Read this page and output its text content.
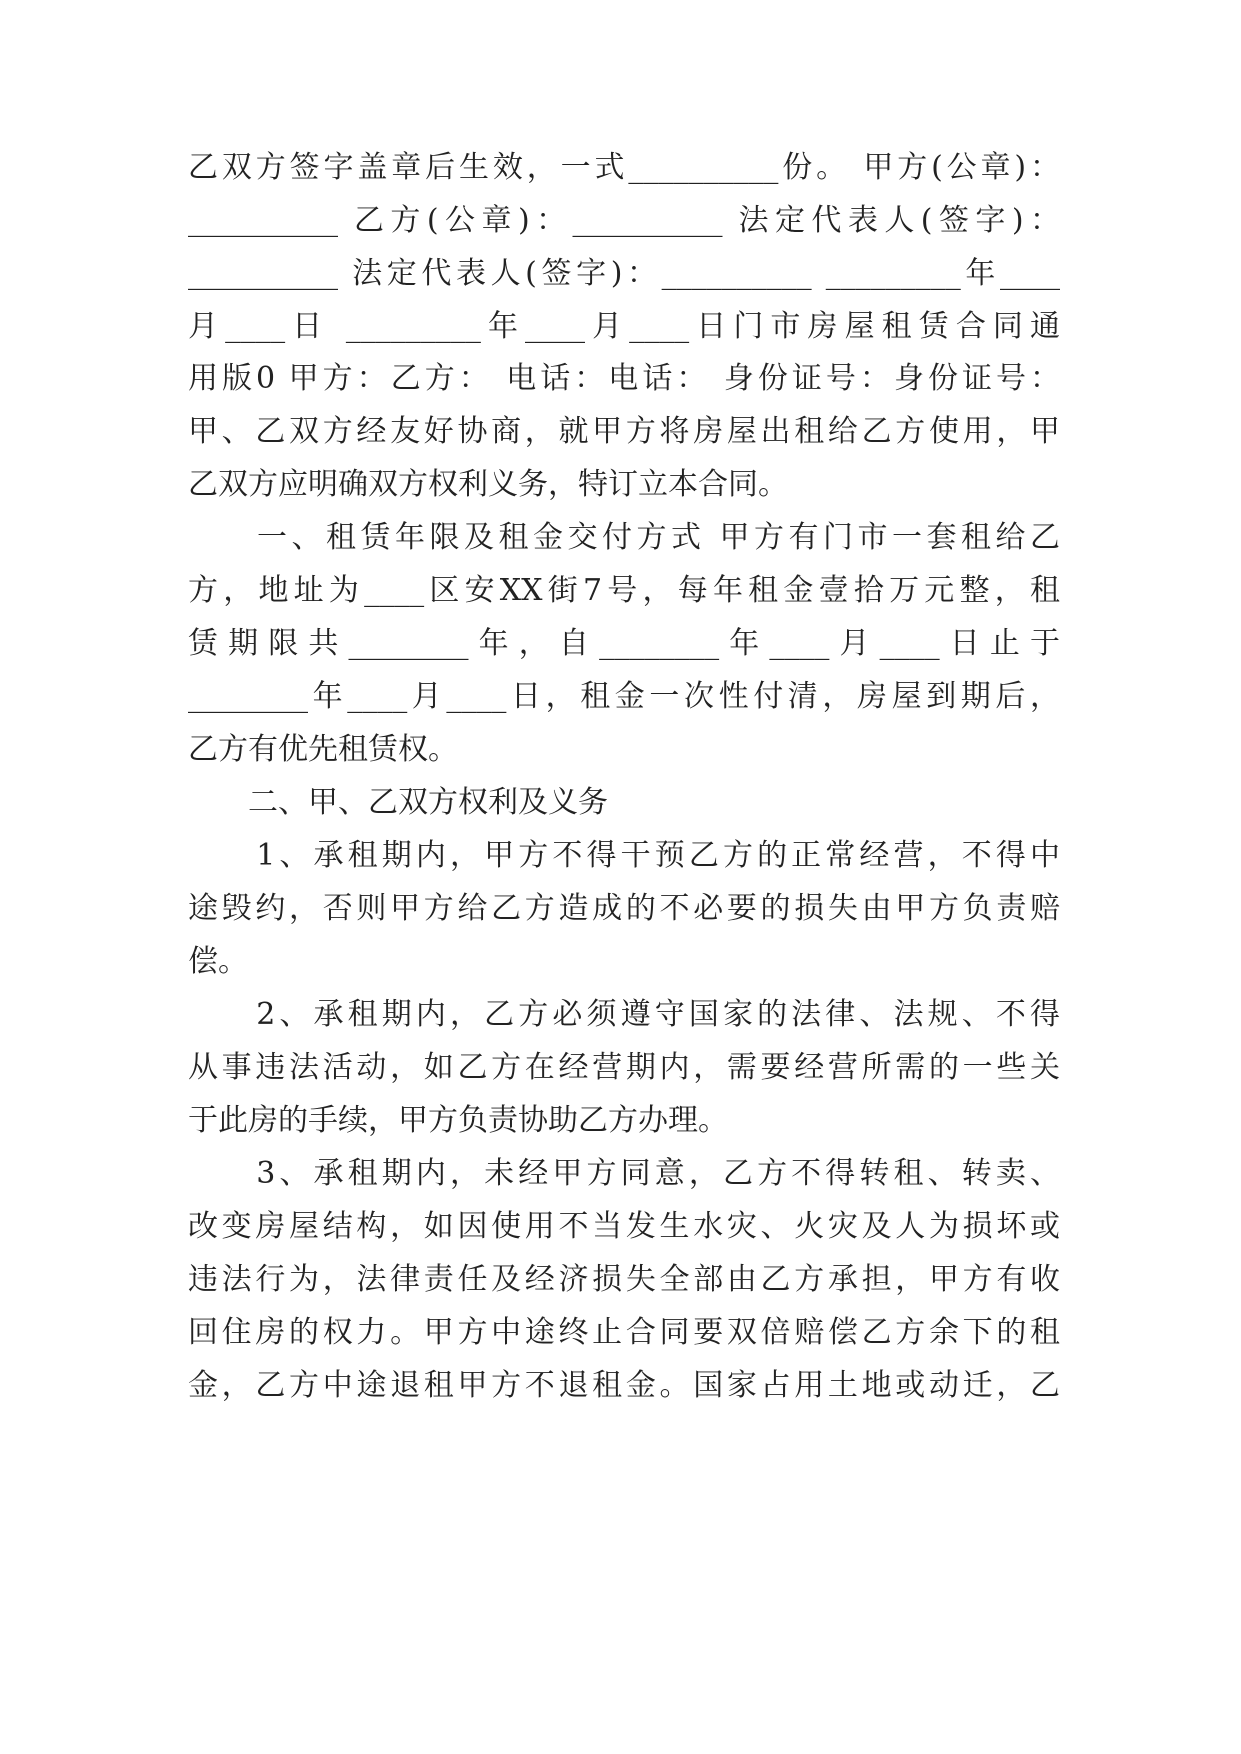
乙双方签字盖章后生效，一式__________份。 甲方(公章)：
__________ 乙方(公章)：__________ 法定代表人(签字)：
__________ 法定代表人(签字)：__________ _________年____
月____日 _________年____月____日门市房屋租赁合同通
用版0 甲方：乙方： 电话：电话： 身份证号：身份证号：
甲、乙双方经友好协商，就甲方将房屋出租给乙方使用，甲
乙双方应明确双方权利义务，特订立本合同。
　　一、租赁年限及租金交付方式 甲方有门市一套租给乙
方，地址为____区安XX街7号，每年租金壹拾万元整，租
赁期限共________年，自________年____月____日止于
________年____月____日，租金一次性付清，房屋到期后，
乙方有优先租赁权。
　　二、甲、乙双方权利及义务
　　1、承租期内，甲方不得干预乙方的正常经营，不得中
途毁约，否则甲方给乙方造成的不必要的损失由甲方负责赔
偿。
　　2、承租期内，乙方必须遵守国家的法律、法规、不得
从事违法活动，如乙方在经营期内，需要经营所需的一些关
于此房的手续，甲方负责协助乙方办理。
　　3、承租期内，未经甲方同意，乙方不得转租、转卖、
改变房屋结构，如因使用不当发生水灾、火灾及人为损坏或
违法行为，法律责任及经济损失全部由乙方承担，甲方有收
回住房的权力。甲方中途终止合同要双倍赔偿乙方余下的租
金，乙方中途退租甲方不退租金。国家占用土地或动迁，乙
